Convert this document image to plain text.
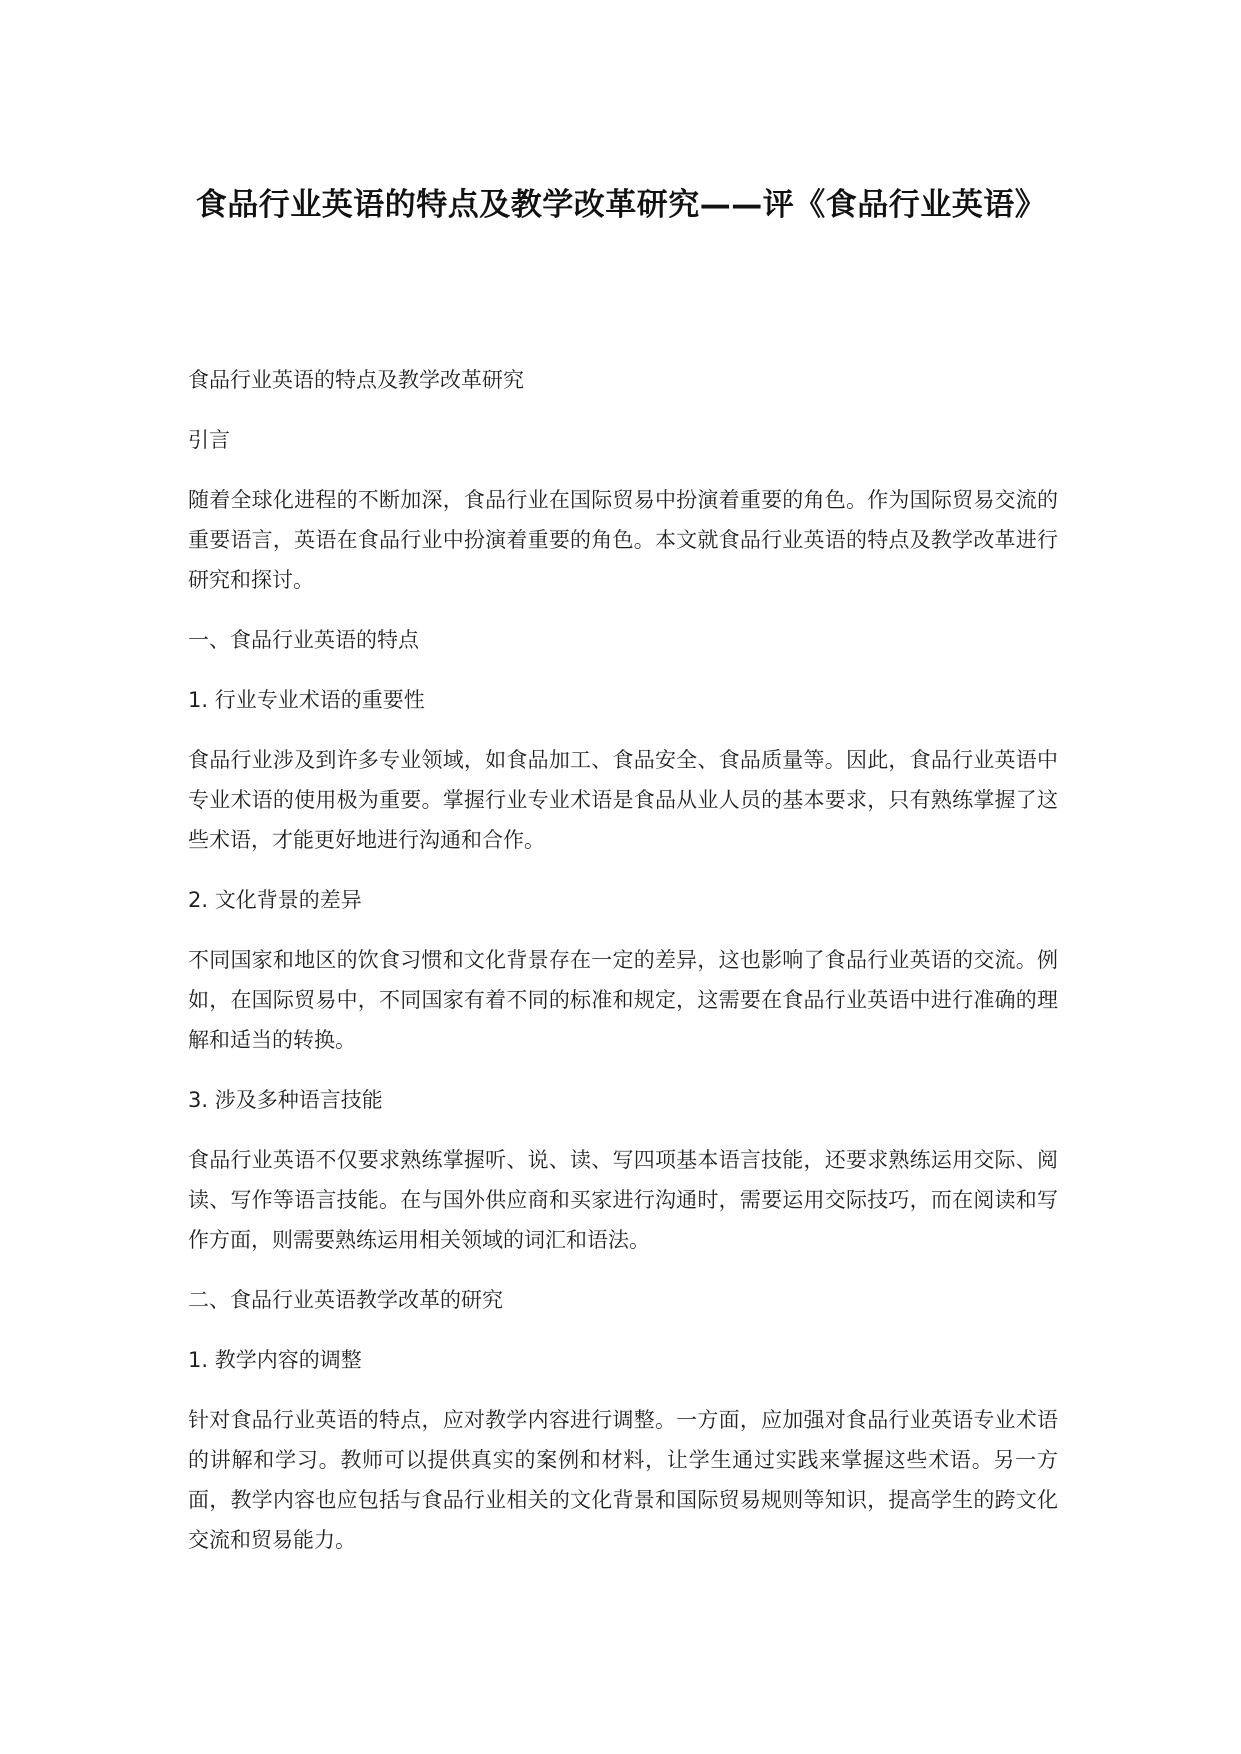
食品行业英语的特点及教学改革研究——评《食品行业英语》
食品行业英语的特点及教学改革研究
引言

随着全球化进程的不断加深，食品行业在国际贸易中扮演着重要的角色。作为国际贸易交流的重要语言，英语在食品行业中扮演着重要的角色。本文就食品行业英语的特点及教学改革进行研究和探讨。

一、食品行业英语的特点
1. 行业专业术语的重要性

食品行业涉及到许多专业领域，如食品加工、食品安全、食品质量等。因此，食品行业英语中专业术语的使用极为重要。掌握行业专业术语是食品从业人员的基本要求，只有熟练掌握了这些术语，才能更好地进行沟通和合作。

2. 文化背景的差异

不同国家和地区的饮食习惯和文化背景存在一定的差异，这也影响了食品行业英语的交流。例如，在国际贸易中，不同国家有着不同的标准和规定，这需要在食品行业英语中进行准确的理解和适当的转换。

3. 涉及多种语言技能

食品行业英语不仅要求熟练掌握听、说、读、写四项基本语言技能，还要求熟练运用交际、阅读、写作等语言技能。在与国外供应商和买家进行沟通时，需要运用交际技巧，而在阅读和写作方面，则需要熟练运用相关领域的词汇和语法。

二、食品行业英语教学改革的研究
1. 教学内容的调整

针对食品行业英语的特点，应对教学内容进行调整。一方面，应加强对食品行业英语专业术语的讲解和学习。教师可以提供真实的案例和材料，让学生通过实践来掌握这些术语。另一方面，教学内容也应包括与食品行业相关的文化背景和国际贸易规则等知识，提高学生的跨文化交流和贸易能力。
